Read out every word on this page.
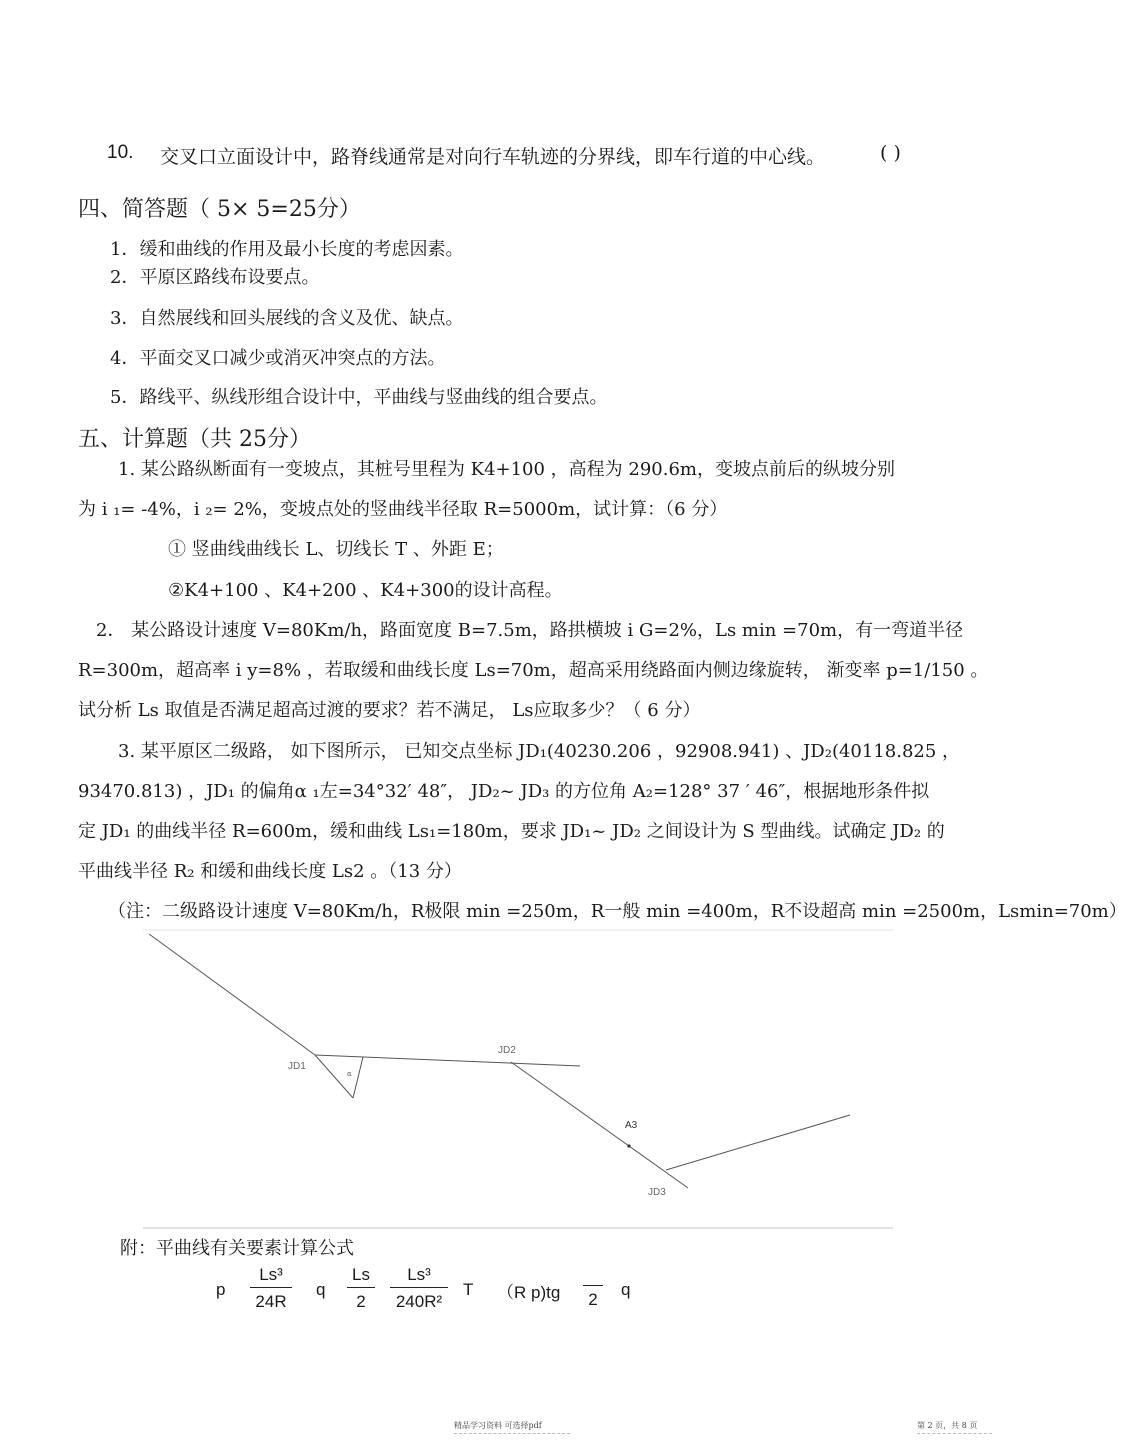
10. 交叉口立面设计中，路脊线通常是对向行车轨迹的分界线，即车行道的中心线。	( )
四、简答题（ 5× 5=25分）
1．缓和曲线的作用及最小长度的考虑因素。
2．平原区路线布设要点。
3．自然展线和回头展线的含义及优、缺点。
4．平面交叉口减少或消灭冲突点的方法。
5．路线平、纵线形组合设计中，平曲线与竖曲线的组合要点。
五、计算题（共 25分）
1. 某公路纵断面有一变坡点，其桩号里程为 K4+100 ，高程为 290.6m，变坡点前后的纵坡分别
为 i ₁= -4%，i ₂= 2%，变坡点处的竖曲线半径取 R=5000m，试计算：（6 分）
① 竖曲线曲线长 L、切线长 T 、外距 E；
②K4+100 、K4+200 、K4+300的设计高程。
2． 某公路设计速度 V=80Km/h，路面宽度 B=7.5m，路拱横坡 i G=2%，Ls min =70m，有一弯道半径
R=300m，超高率 i y=8% ，若取缓和曲线长度 Ls=70m，超高采用绕路面内侧边缘旋转， 渐变率 p=1/150 。
试分析 Ls 取值是否满足超高过渡的要求？若不满足， Ls应取多少？（ 6 分）
3. 某平原区二级路， 如下图所示， 已知交点坐标 JD₁(40230.206 ，92908.941) 、JD₂(40118.825 ，
93470.813) ，JD₁ 的偏角α ₁左=34°32′ 48″， JD₂~ JD₃ 的方位角 A₂=128° 37 ′ 46″，根据地形条件拟
定 JD₁ 的曲线半径 R=600m，缓和曲线 Ls₁=180m，要求 JD₁~ JD₂ 之间设计为 S 型曲线。试确定 JD₂ 的
平曲线半径 R₂ 和缓和曲线长度 Ls2 。（13 分）
（注：二级路设计速度 V=80Km/h，R极限 min =250m，R一般 min =400m，R不设超高 min =2500m，Lsmin=70m）
JD1
JD2
JD3
A3
α
附：平曲线有关要素计算公式
p $\frac{\text{Ls³}}{24R}$ q $\frac{Ls}{2} \frac{\text{Ls³}}{\text{240R²}}$ T （R p)tg	2
q
精品学习资料 可选择pdf	第 2 页，共 8 页
